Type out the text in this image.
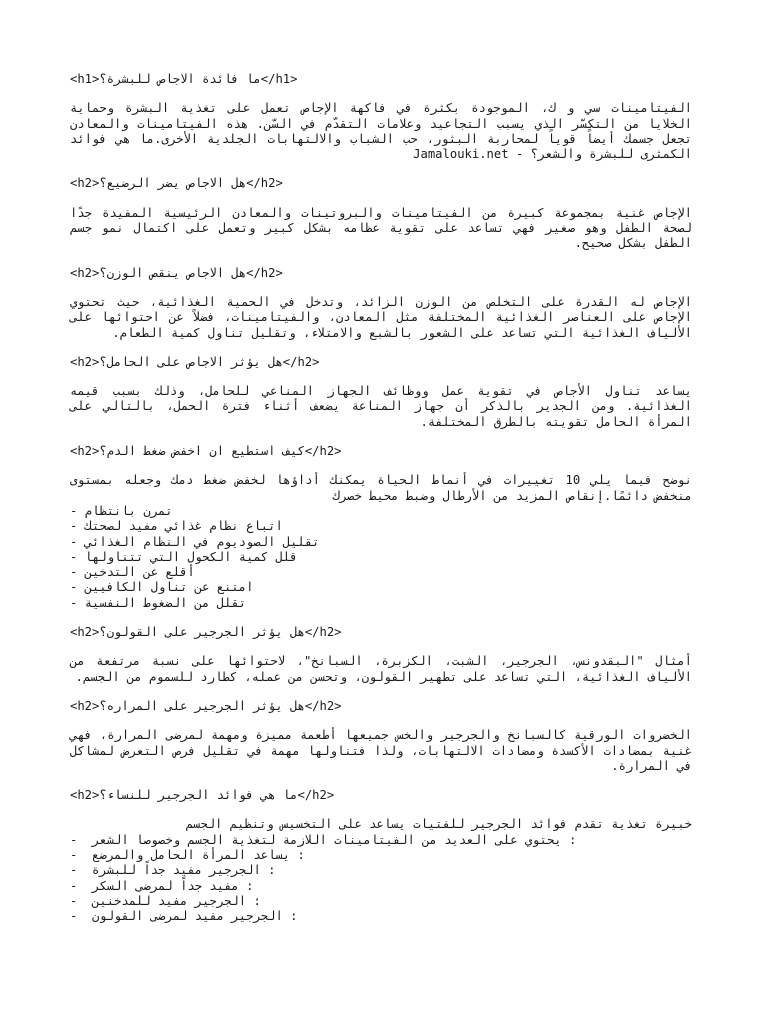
<h1>ما فائدة الاجاص للبشرة؟</h1>
الفيتامينات سي و ك، الموجودة بكثرة في فاكهة الإجاص تعمل على تغذية البشرة وحماية الخلايا من التكسّر الذي يسبب التجاعيد وعلامات التقدّم في السّن. هذه الفيتامينات والمعادن تجعل جسمك أيضاً قوياً لمحاربة البثور، حب الشباب والالتهابات الجلدية الأخرى.ما هي فوائد الكمثرى للبشرة والشعر؟ - Jamalouki.net
<h2>هل الاجاص يضر الرضيع؟</h2>
الإجاص غنية بمجموعة كبيرة من الفيتامينات والبروتينات والمعادن الرئيسية المفيدة جدًا لصحة الطفل وهو صغير فهي تساعد على تقوية عظامه بشكل كبير وتعمل على اكتمال نمو جسم الطفل بشكل صحيح.
<h2>هل الاجاص ينقص الوزن؟</h2>
الإجاص له القدرة على التخلص من الوزن الزائد، وتدخل في الحمية الغذائية، حيث تحتوي الإجاص على العناصر الغذائية المختلفة مثل المعادن، والفيتامينات، فضلاً عن احتوائها على الألياف الغذائية التي تساعد على الشعور بالشبع والامتلاء، وتقليل تناول كمية الطعام.
<h2>هل يؤثر الاجاص على الحامل؟</h2>
يساعد تناول الأجاص في تقوية عمل ووظائف الجهاز المناعي للحامل، وذلك بسبب قيمه الغذائية. ومن الجدير بالذكر أن جهاز المناعة يضعف أثناء فترة الحمل، بالتالي على المرأة الحامل تقويته بالطرق المختلفة.
<h2>كيف استطيع ان اخفض ضغط الدم؟</h2>
نوضح فيما يلي 10 تغييرات في أنماط الحياة يمكنك أداؤها لخفض ضغط دمك وجعله بمستوى منخفض دائمًا.إنقاص المزيد من الأرطال وضبط محيط خصرك
- تمرن بانتظام
- اتباع نظام غذائي مفيد لصحتك
- تقليل الصوديوم في النظام الغذائي
- قلل كمية الكحول التي تتناولها
- أقلع عن التدخين
- امتنع عن تناول الكافيين
- تقلل من الضغوط النفسية
<h2>هل يؤثر الجرجير على القولون؟</h2>
أمثال "البقدونس، الجرجير، الشبت، الكزبرة، السبانخ"، لاحتوائها على نسبة مرتفعة من الألياف الغذائية، التي تساعد على تطهير القولون، وتحسن من عمله، كطارد للسموم من الجسم.
<h2>هل يؤثر الجرجير على المراره؟</h2>
الخضروات الورقية كالسبانخ والجرجير والخس جميعها أطعمة مميزة ومهمة لمرضى المرارة، فهي غنية بمضادات الأكسدة ومضادات الالتهابات، ولذا فتناولها مهمة في تقليل فرص التعرض لمشاكل في المرارة.
<h2>ما هي فوائد الجرجير للنساء؟</h2>
خبيرة تغذية تقدم فوائد الجرجير للفتيات يساعد على التخسيس وتنظيم الجسم
-  يحتوي على العديد من الفيتامينات اللازمة لتغذية الجسم وخصوصا الشعر :
-  يساعد المرأة الحامل والمرضع :
-  الجرجير مفيد جداً للبشرة :
-  مفيد جداً لمرضى السكر :
-  الجرجير مفيد للمدخنين :
-  الجرجير مفيد لمرضى القولون :
